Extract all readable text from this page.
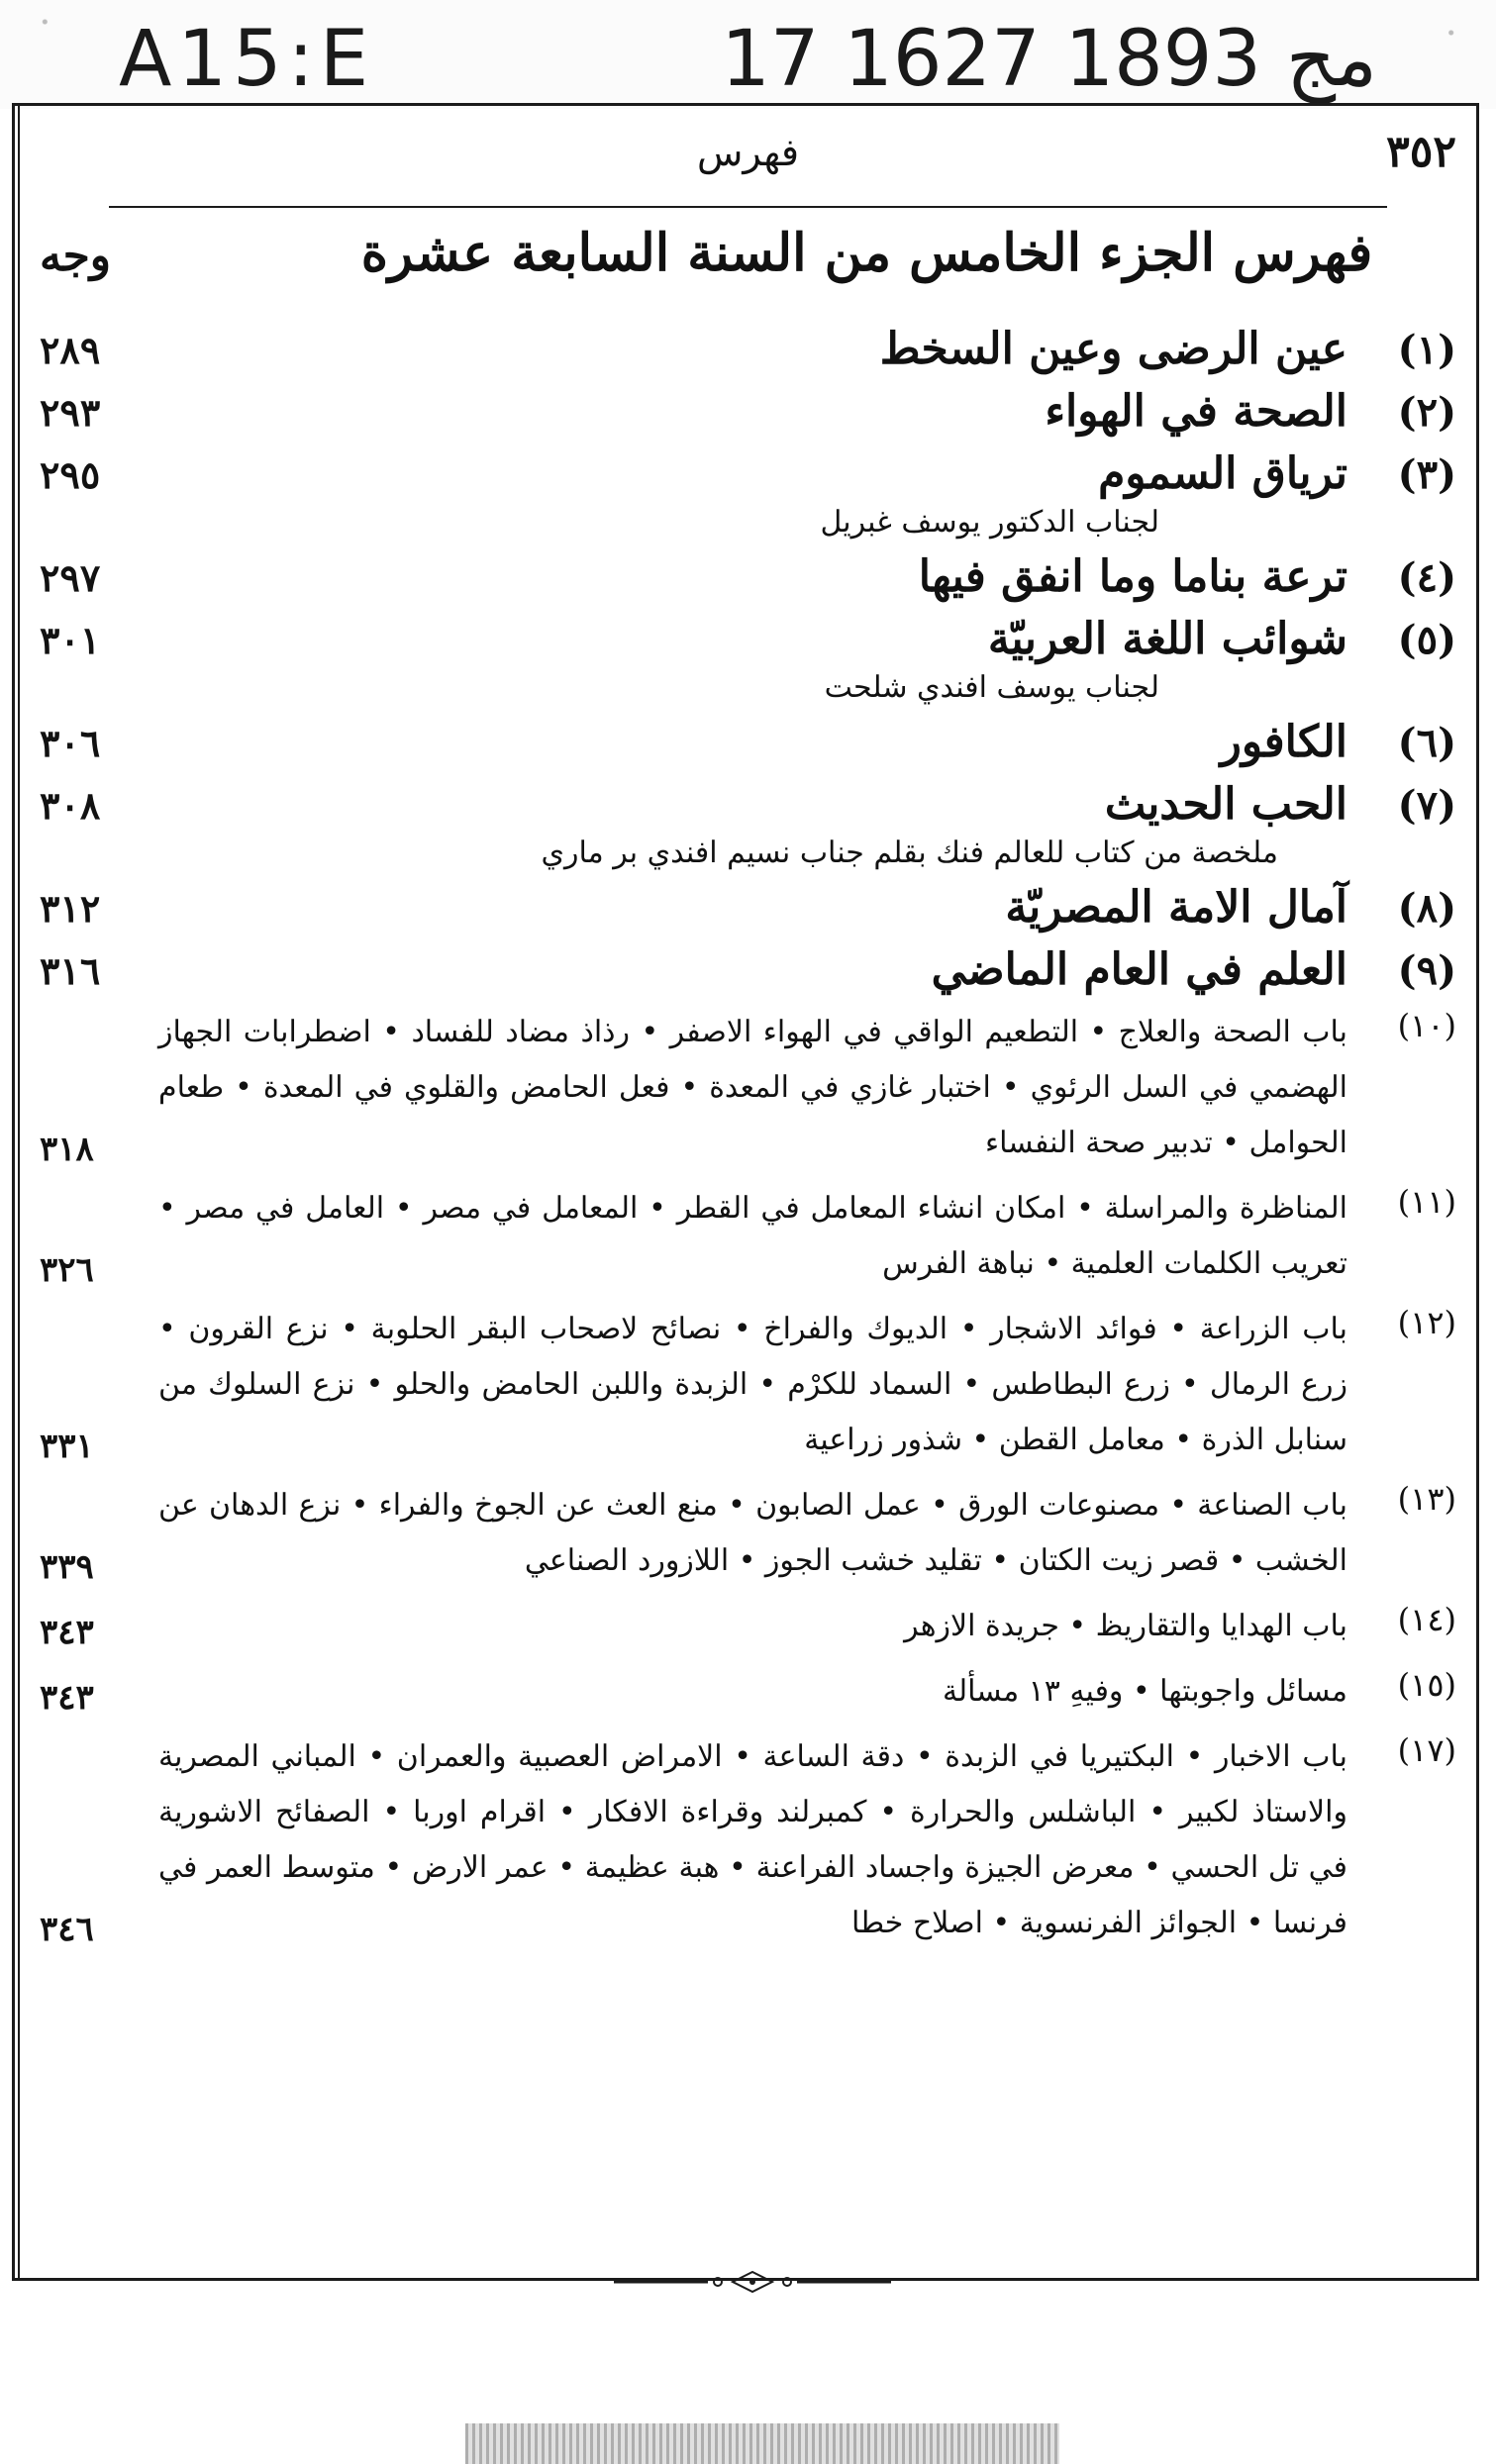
A15:E	17 مج 1893 1627
٣٥٢
فهرس
فهرس الجزء الخامس من السنة السابعة عشرة
وجه
(١)
عين الرضى وعين السخط
٢٨٩
(٢)
الصحة في الهواء
٢٩٣
(٣)
ترياق السموم
٢٩٥
لجناب الدكتور يوسف غبريل
(٤)
ترعة بناما وما انفق فيها
٢٩٧
(٥)
شوائب اللغة العربيّة
٣٠١
لجناب يوسف افندي شلحت
(٦)
الكافور
٣٠٦
(٧)
الحب الحديث
٣٠٨
ملخصة من كتاب للعالم فنك بقلم جناب نسيم افندي بر ماري
(٨)
آمال الامة المصريّة
٣١٢
(٩)
العلم في العام الماضي
٣١٦
(١٠)
باب الصحة والعلاج • التطعيم الواقي في الهواء الاصفر • رذاذ مضاد للفساد • اضطرابات الجهاز الهضمي في السل الرئوي • اختبار غازي في المعدة • فعل الحامض والقلوي في المعدة • طعام الحوامل • تدبير صحة النفساء
٣١٨
(١١)
المناظرة والمراسلة • امكان انشاء المعامل في القطر • المعامل في مصر • العامل في مصر • تعريب الكلمات العلمية • نباهة الفرس
٣٢٦
(١٢)
باب الزراعة • فوائد الاشجار • الديوك والفراخ • نصائح لاصحاب البقر الحلوبة • نزع القرون • زرع الرمال • زرع البطاطس • السماد للكرْم • الزبدة واللبن الحامض والحلو • نزع السلوك من سنابل الذرة • معامل القطن • شذور زراعية
٣٣١
(١٣)
باب الصناعة • مصنوعات الورق • عمل الصابون • منع العث عن الجوخ والفراء • نزع الدهان عن الخشب • قصر زيت الكتان • تقليد خشب الجوز • اللازورد الصناعي
٣٣٩
(١٤)
باب الهدايا والتقاريظ • جريدة الازهر
٣٤٣
(١٥)
مسائل واجوبتها • وفيهِ ١٣ مسألة
٣٤٣
(١٧)
باب الاخبار • البكتيريا في الزبدة • دقة الساعة • الامراض العصبية والعمران • المباني المصرية والاستاذ لكبير • الباشلس والحرارة • كمبرلند وقراءة الافكار • اقرام اوربا • الصفائح الاشورية في تل الحسي • معرض الجيزة واجساد الفراعنة • هبة عظيمة • عمر الارض • متوسط العمر في فرنسا • الجوائز الفرنسوية • اصلاح خطا
٣٤٦
